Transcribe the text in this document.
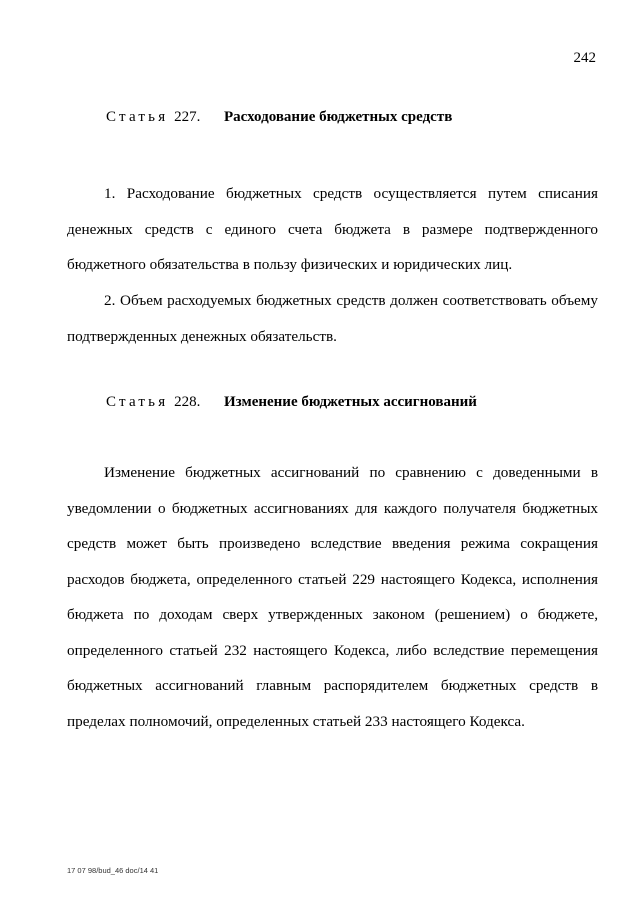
242
Статья 227. Расходование бюджетных средств

1. Расходование бюджетных средств осуществляется путем списания денежных средств с единого счета бюджета в размере подтвержденного бюджетного обязательства в пользу физических и юридических лиц.

2. Объем расходуемых бюджетных средств должен соответствовать объему подтвержденных денежных обязательств.

Статья 228. Изменение бюджетных ассигнований

Изменение бюджетных ассигнований по сравнению с доведенными в уведомлении о бюджетных ассигнованиях для каждого получателя бюджетных средств может быть произведено вследствие введения режима сокращения расходов бюджета, определенного статьей 229 настоящего Кодекса, исполнения бюджета по доходам сверх утвержденных законом (решением) о бюджете, определенного статьей 232 настоящего Кодекса, либо вследствие перемещения бюджетных ассигнований главным распорядителем бюджетных средств в пределах полномочий, определенных статьей 233 настоящего Кодекса.

17 07 98/bud_46 doc/14 41
